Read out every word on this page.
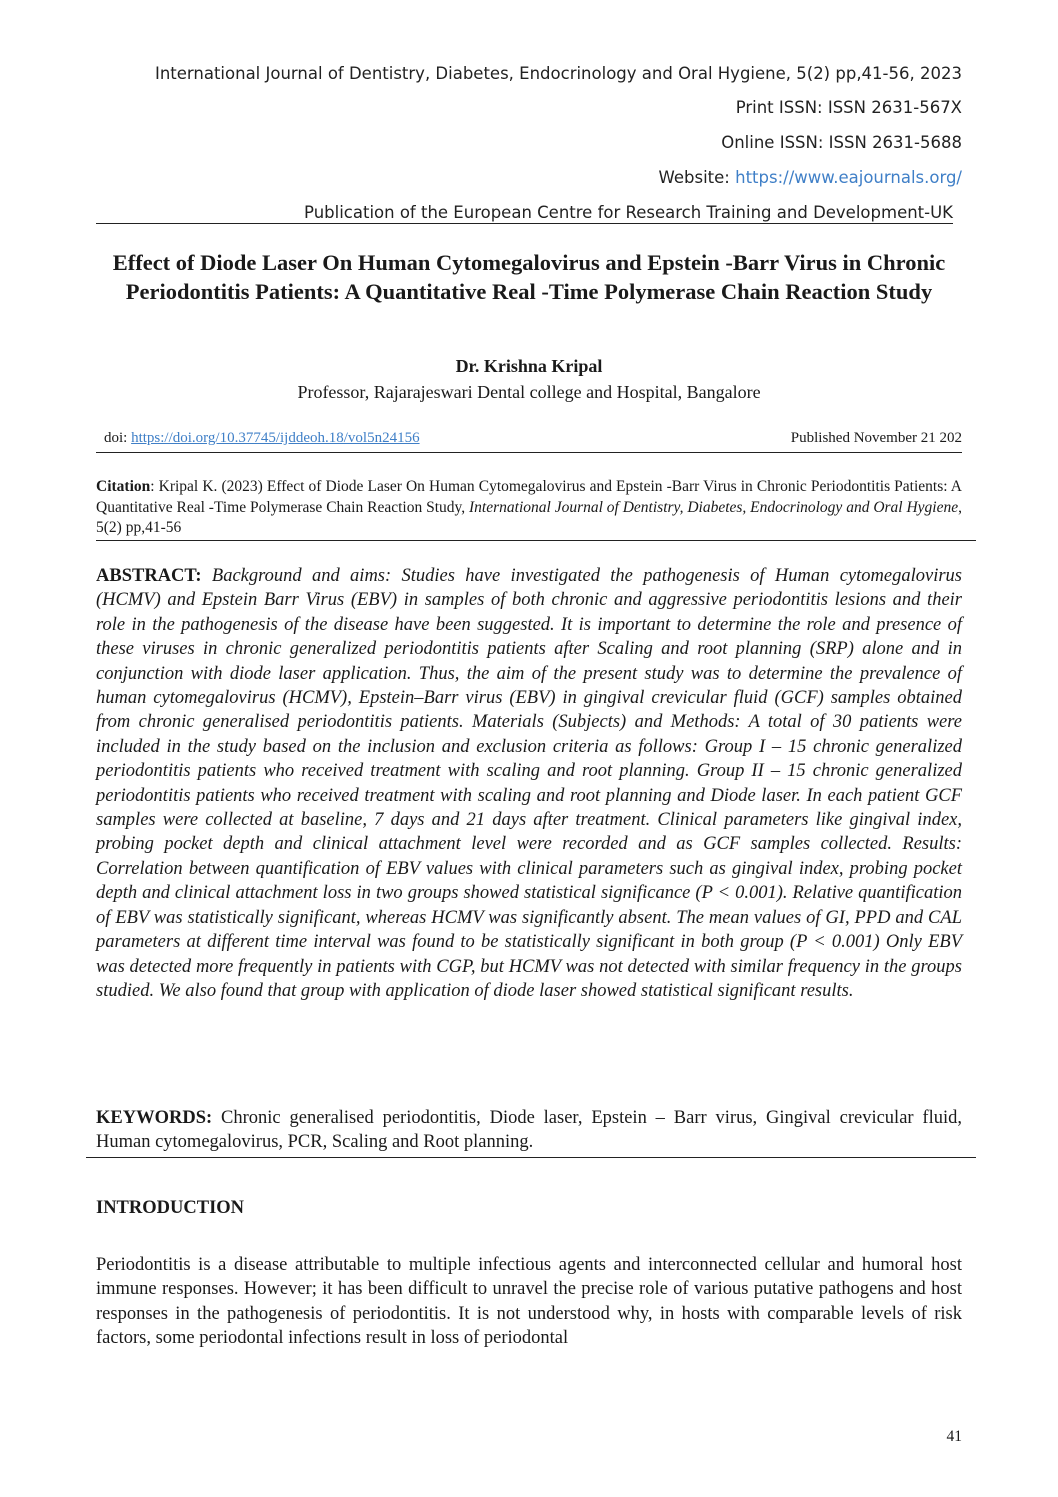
International Journal of Dentistry, Diabetes, Endocrinology and Oral Hygiene, 5(2) pp,41-56, 2023
Print ISSN: ISSN 2631-567X
Online ISSN: ISSN 2631-5688
Website: https://www.eajournals.org/
Publication of the European Centre for Research Training and Development-UK
Effect of Diode Laser On Human Cytomegalovirus and Epstein -Barr Virus in Chronic Periodontitis Patients: A Quantitative Real -Time Polymerase Chain Reaction Study
Dr. Krishna Kripal
Professor, Rajarajeswari Dental college and Hospital, Bangalore
doi: https://doi.org/10.37745/ijddeoh.18/vol5n24156	Published November 21 202
Citation: Kripal K. (2023) Effect of Diode Laser On Human Cytomegalovirus and Epstein -Barr Virus in Chronic Periodontitis Patients: A Quantitative Real -Time Polymerase Chain Reaction Study, International Journal of Dentistry, Diabetes, Endocrinology and Oral Hygiene, 5(2) pp,41-56
ABSTRACT: Background and aims: Studies have investigated the pathogenesis of Human cytomegalovirus (HCMV) and Epstein Barr Virus (EBV) in samples of both chronic and aggressive periodontitis lesions and their role in the pathogenesis of the disease have been suggested. It is important to determine the role and presence of these viruses in chronic generalized periodontitis patients after Scaling and root planning (SRP) alone and in conjunction with diode laser application. Thus, the aim of the present study was to determine the prevalence of human cytomegalovirus (HCMV), Epstein–Barr virus (EBV) in gingival crevicular fluid (GCF) samples obtained from chronic generalised periodontitis patients. Materials (Subjects) and Methods: A total of 30 patients were included in the study based on the inclusion and exclusion criteria as follows: Group I – 15 chronic generalized periodontitis patients who received treatment with scaling and root planning. Group II – 15 chronic generalized periodontitis patients who received treatment with scaling and root planning and Diode laser. In each patient GCF samples were collected at baseline, 7 days and 21 days after treatment. Clinical parameters like gingival index, probing pocket depth and clinical attachment level were recorded and as GCF samples collected. Results: Correlation between quantification of EBV values with clinical parameters such as gingival index, probing pocket depth and clinical attachment loss in two groups showed statistical significance (P < 0.001). Relative quantification of EBV was statistically significant, whereas HCMV was significantly absent. The mean values of GI, PPD and CAL parameters at different time interval was found to be statistically significant in both group (P < 0.001) Only EBV was detected more frequently in patients with CGP, but HCMV was not detected with similar frequency in the groups studied. We also found that group with application of diode laser showed statistical significant results.
KEYWORDS: Chronic generalised periodontitis, Diode laser, Epstein – Barr virus, Gingival crevicular fluid, Human cytomegalovirus, PCR, Scaling and Root planning.
INTRODUCTION
Periodontitis is a disease attributable to multiple infectious agents and interconnected cellular and humoral host immune responses. However; it has been difficult to unravel the precise role of various putative pathogens and host responses in the pathogenesis of periodontitis. It is not understood why, in hosts with comparable levels of risk factors, some periodontal infections result in loss of periodontal
41
